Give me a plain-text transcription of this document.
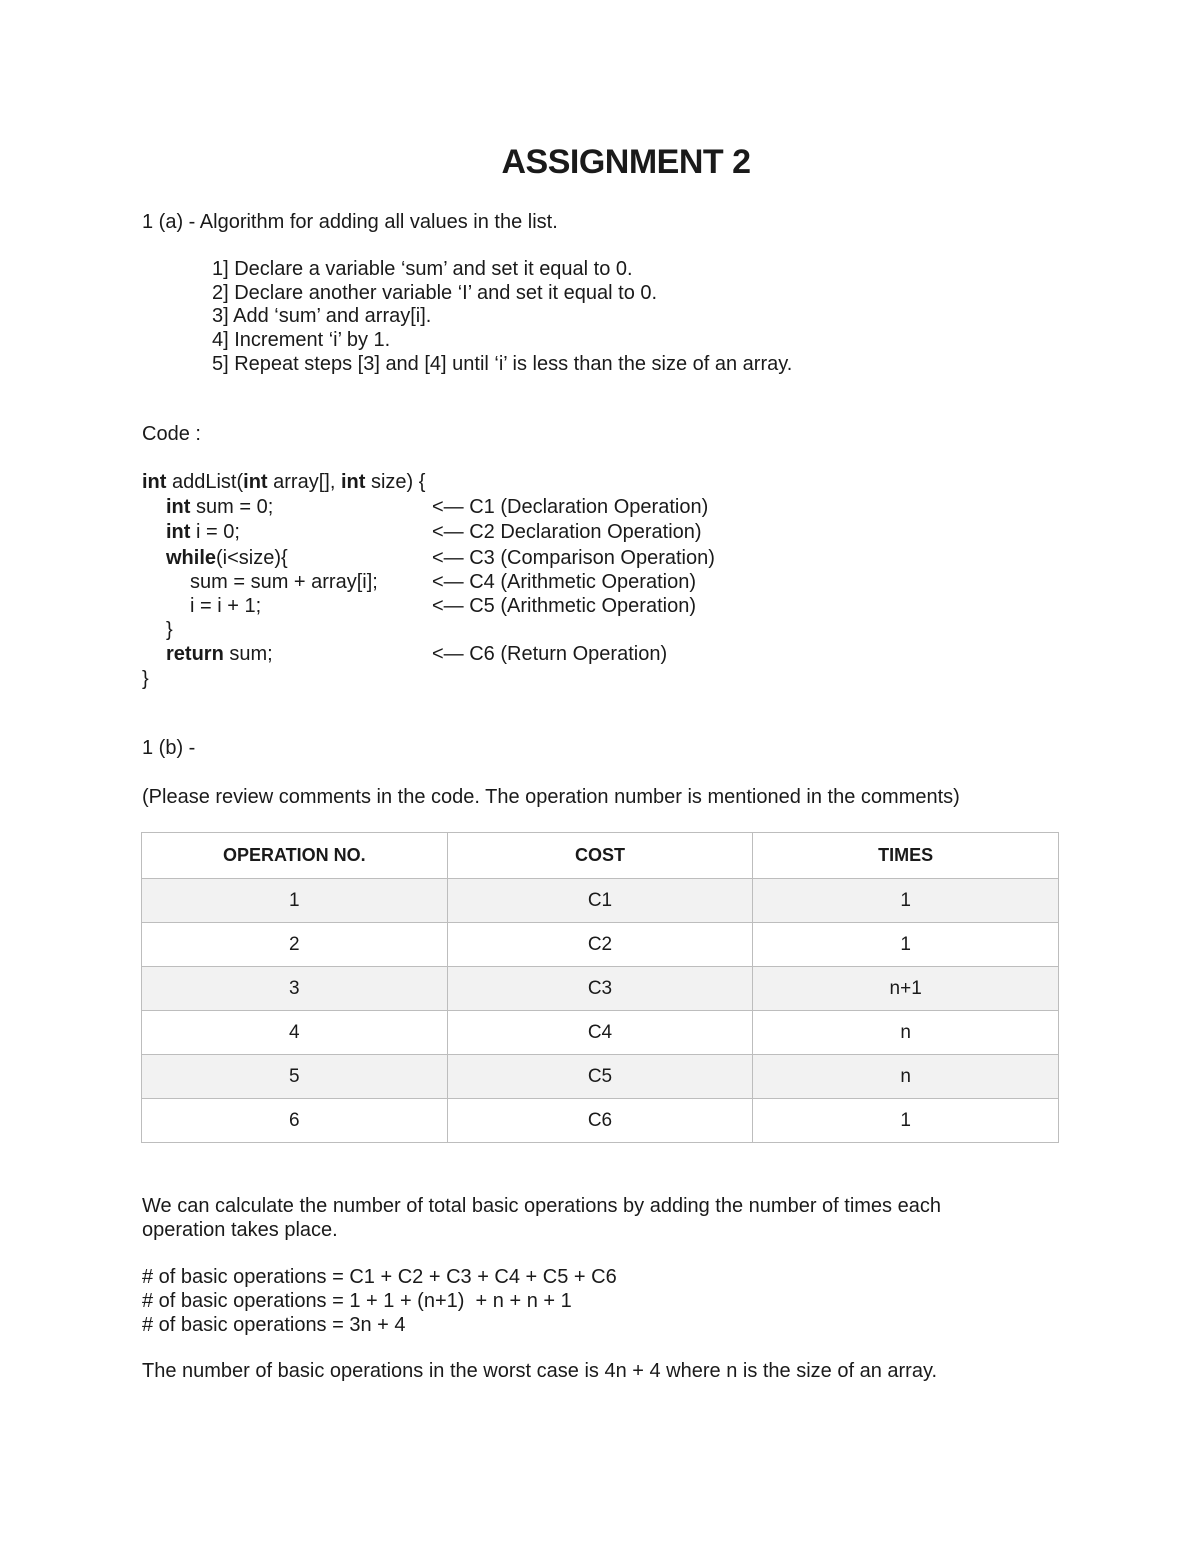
ASSIGNMENT 2

1 (a) - Algorithm for adding all values in the list.

1] Declare a variable ‘sum’ and set it equal to 0.

2] Declare another variable ‘I’ and set it equal to 0.

3] Add ‘sum’ and array[i].

4] Increment ‘i’ by 1.

5] Repeat steps [3] and [4] until ‘i’ is less than the size of an array.

Code :

int addList(int array[], int size) {

int sum = 0;	<— C1 (Declaration Operation)

int i = 0;	<— C2 Declaration Operation)

while(i<size){	<— C3 (Comparison Operation)

sum = sum + array[i];	<— C4 (Arithmetic Operation)

i = i + 1;	<— C5 (Arithmetic Operation)

}

return sum;	<— C6 (Return Operation)

}

1 (b) -

(Please review comments in the code. The operation number is mentioned in the comments)

OPERATION NO.	COST	TIMES
1	C1	1
2	C2	1
3	C3	n+1
4	C4	n
5	C5	n
6	C6	1

We can calculate the number of total basic operations by adding the number of times each

operation takes place.

# of basic operations = C1 + C2 + C3 + C4 + C5 + C6

# of basic operations = 1 + 1 + (n+1)  + n + n + 1

# of basic operations = 3n + 4

The number of basic operations in the worst case is 4n + 4 where n is the size of an array.
